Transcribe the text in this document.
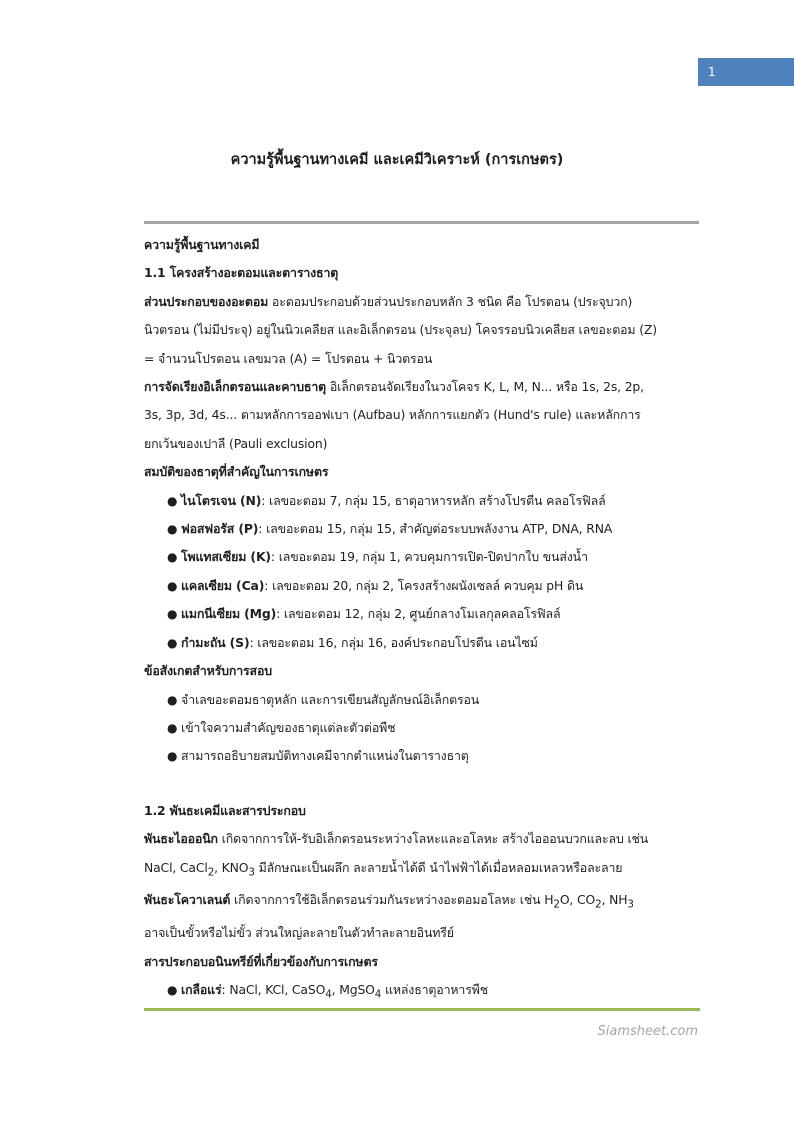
1
ความรู้พื้นฐานทางเคมี และเคมีวิเคราะห์ (การเกษตร)

ความรู้พื้นฐานทางเคมี

1.1 โครงสร้างอะตอมและตารางธาตุ

ส่วนประกอบของอะตอม อะตอมประกอบด้วยส่วนประกอบหลัก 3 ชนิด คือ โปรตอน (ประจุบวก)
นิวตรอน (ไม่มีประจุ) อยู่ในนิวเคลียส และอิเล็กตรอน (ประจุลบ) โคจรรอบนิวเคลียส เลขอะตอม (Z)
= จำนวนโปรตอน เลขมวล (A) = โปรตอน + นิวตรอน

การจัดเรียงอิเล็กตรอนและคาบธาตุ อิเล็กตรอนจัดเรียงในวงโคจร K, L, M, N... หรือ 1s, 2s, 2p,
3s, 3p, 3d, 4s... ตามหลักการออฟเบา (Aufbau) หลักการแยกตัว (Hund's rule) และหลักการ
ยกเว้นของเปาลี (Pauli exclusion)

สมบัติของธาตุที่สำคัญในการเกษตร

● ไนโตรเจน (N): เลขอะตอม 7, กลุ่ม 15, ธาตุอาหารหลัก สร้างโปรตีน คลอโรฟิลล์
● ฟอสฟอรัส (P): เลขอะตอม 15, กลุ่ม 15, สำคัญต่อระบบพลังงาน ATP, DNA, RNA
● โพแทสเซียม (K): เลขอะตอม 19, กลุ่ม 1, ควบคุมการเปิด-ปิดปากใบ ขนส่งน้ำ
● แคลเซียม (Ca): เลขอะตอม 20, กลุ่ม 2, โครงสร้างผนังเซลล์ ควบคุม pH ดิน
● แมกนีเซียม (Mg): เลขอะตอม 12, กลุ่ม 2, ศูนย์กลางโมเลกุลคลอโรฟิลล์
● กำมะถัน (S): เลขอะตอม 16, กลุ่ม 16, องค์ประกอบโปรตีน เอนไซม์

ข้อสังเกตสำหรับการสอบ

● จำเลขอะตอมธาตุหลัก และการเขียนสัญลักษณ์อิเล็กตรอน
● เข้าใจความสำคัญของธาตุแต่ละตัวต่อพืช
● สามารถอธิบายสมบัติทางเคมีจากตำแหน่งในตารางธาตุ

1.2 พันธะเคมีและสารประกอบ

พันธะไอออนิก เกิดจากการให้-รับอิเล็กตรอนระหว่างโลหะและอโลหะ สร้างไอออนบวกและลบ เช่น
NaCl, CaCl$_2$, $KNO_3$ มีลักษณะเป็นผลึก ละลายน้ำได้ดี นำไฟฟ้าได้เมื่อหลอมเหลวหรือละลาย

พันธะโควาเลนต์ เกิดจากการใช้อิเล็กตรอนร่วมกันระหว่างอะตอมอโลหะ เช่น $H_2O$, $CO_2$, $NH_3$
อาจเป็นขั้วหรือไม่ขั้ว ส่วนใหญ่ละลายในตัวทำละลายอินทรีย์

สารประกอบอนินทรีย์ที่เกี่ยวข้องกับการเกษตร

● เกลือแร่: NaCl, KCl, CaSO$_4$, MgSO$_4$ แหล่งธาตุอาหารพืช
Siamsheet.com
